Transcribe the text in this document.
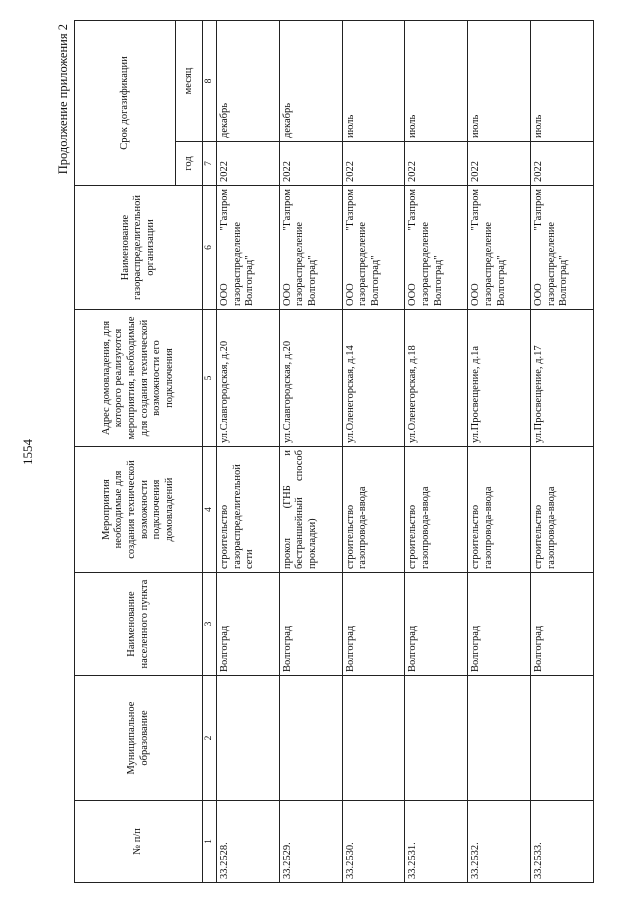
1554
Продолжение приложения 2
№ п/п	Муниципальное образование	Наименование населенного пункта	Мероприятия необходимые для создания технической возможности подключения домовладений	Адрес домовладения, для которого реализуются мероприятия, необходимые для создания технической возможности его подключения	Наименование газораспределительной организации	Срок догазификации	
						год	месяц
1	2	3	4	5	6	7	8
33.2528.		Волгоград	строительство газораспределительной сети	ул.Славгородская, д.20	ООО "Газпром газораспределение Волгоград"	2022	декабрь
33.2529.		Волгоград	прокол (ГНБ и бестраншейный способ прокладки)	ул.Славгородская, д.20	ООО "Газпром газораспределение Волгоград"	2022	декабрь
33.2530.		Волгоград	строительство газопровода-ввода	ул.Оленегорская, д.14	ООО "Газпром газораспределение Волгоград"	2022	июль
33.2531.		Волгоград	строительство газопровода-ввода	ул.Оленегорская, д.18	ООО "Газпром газораспределение Волгоград"	2022	июль
33.2532.		Волгоград	строительство газопровода-ввода	ул.Просвещение, д.1а	ООО "Газпром газораспределение Волгоград"	2022	июль
33.2533.		Волгоград	строительство газопровода-ввода	ул.Просвещение, д.17	ООО "Газпром газораспределение Волгоград"	2022	июль
